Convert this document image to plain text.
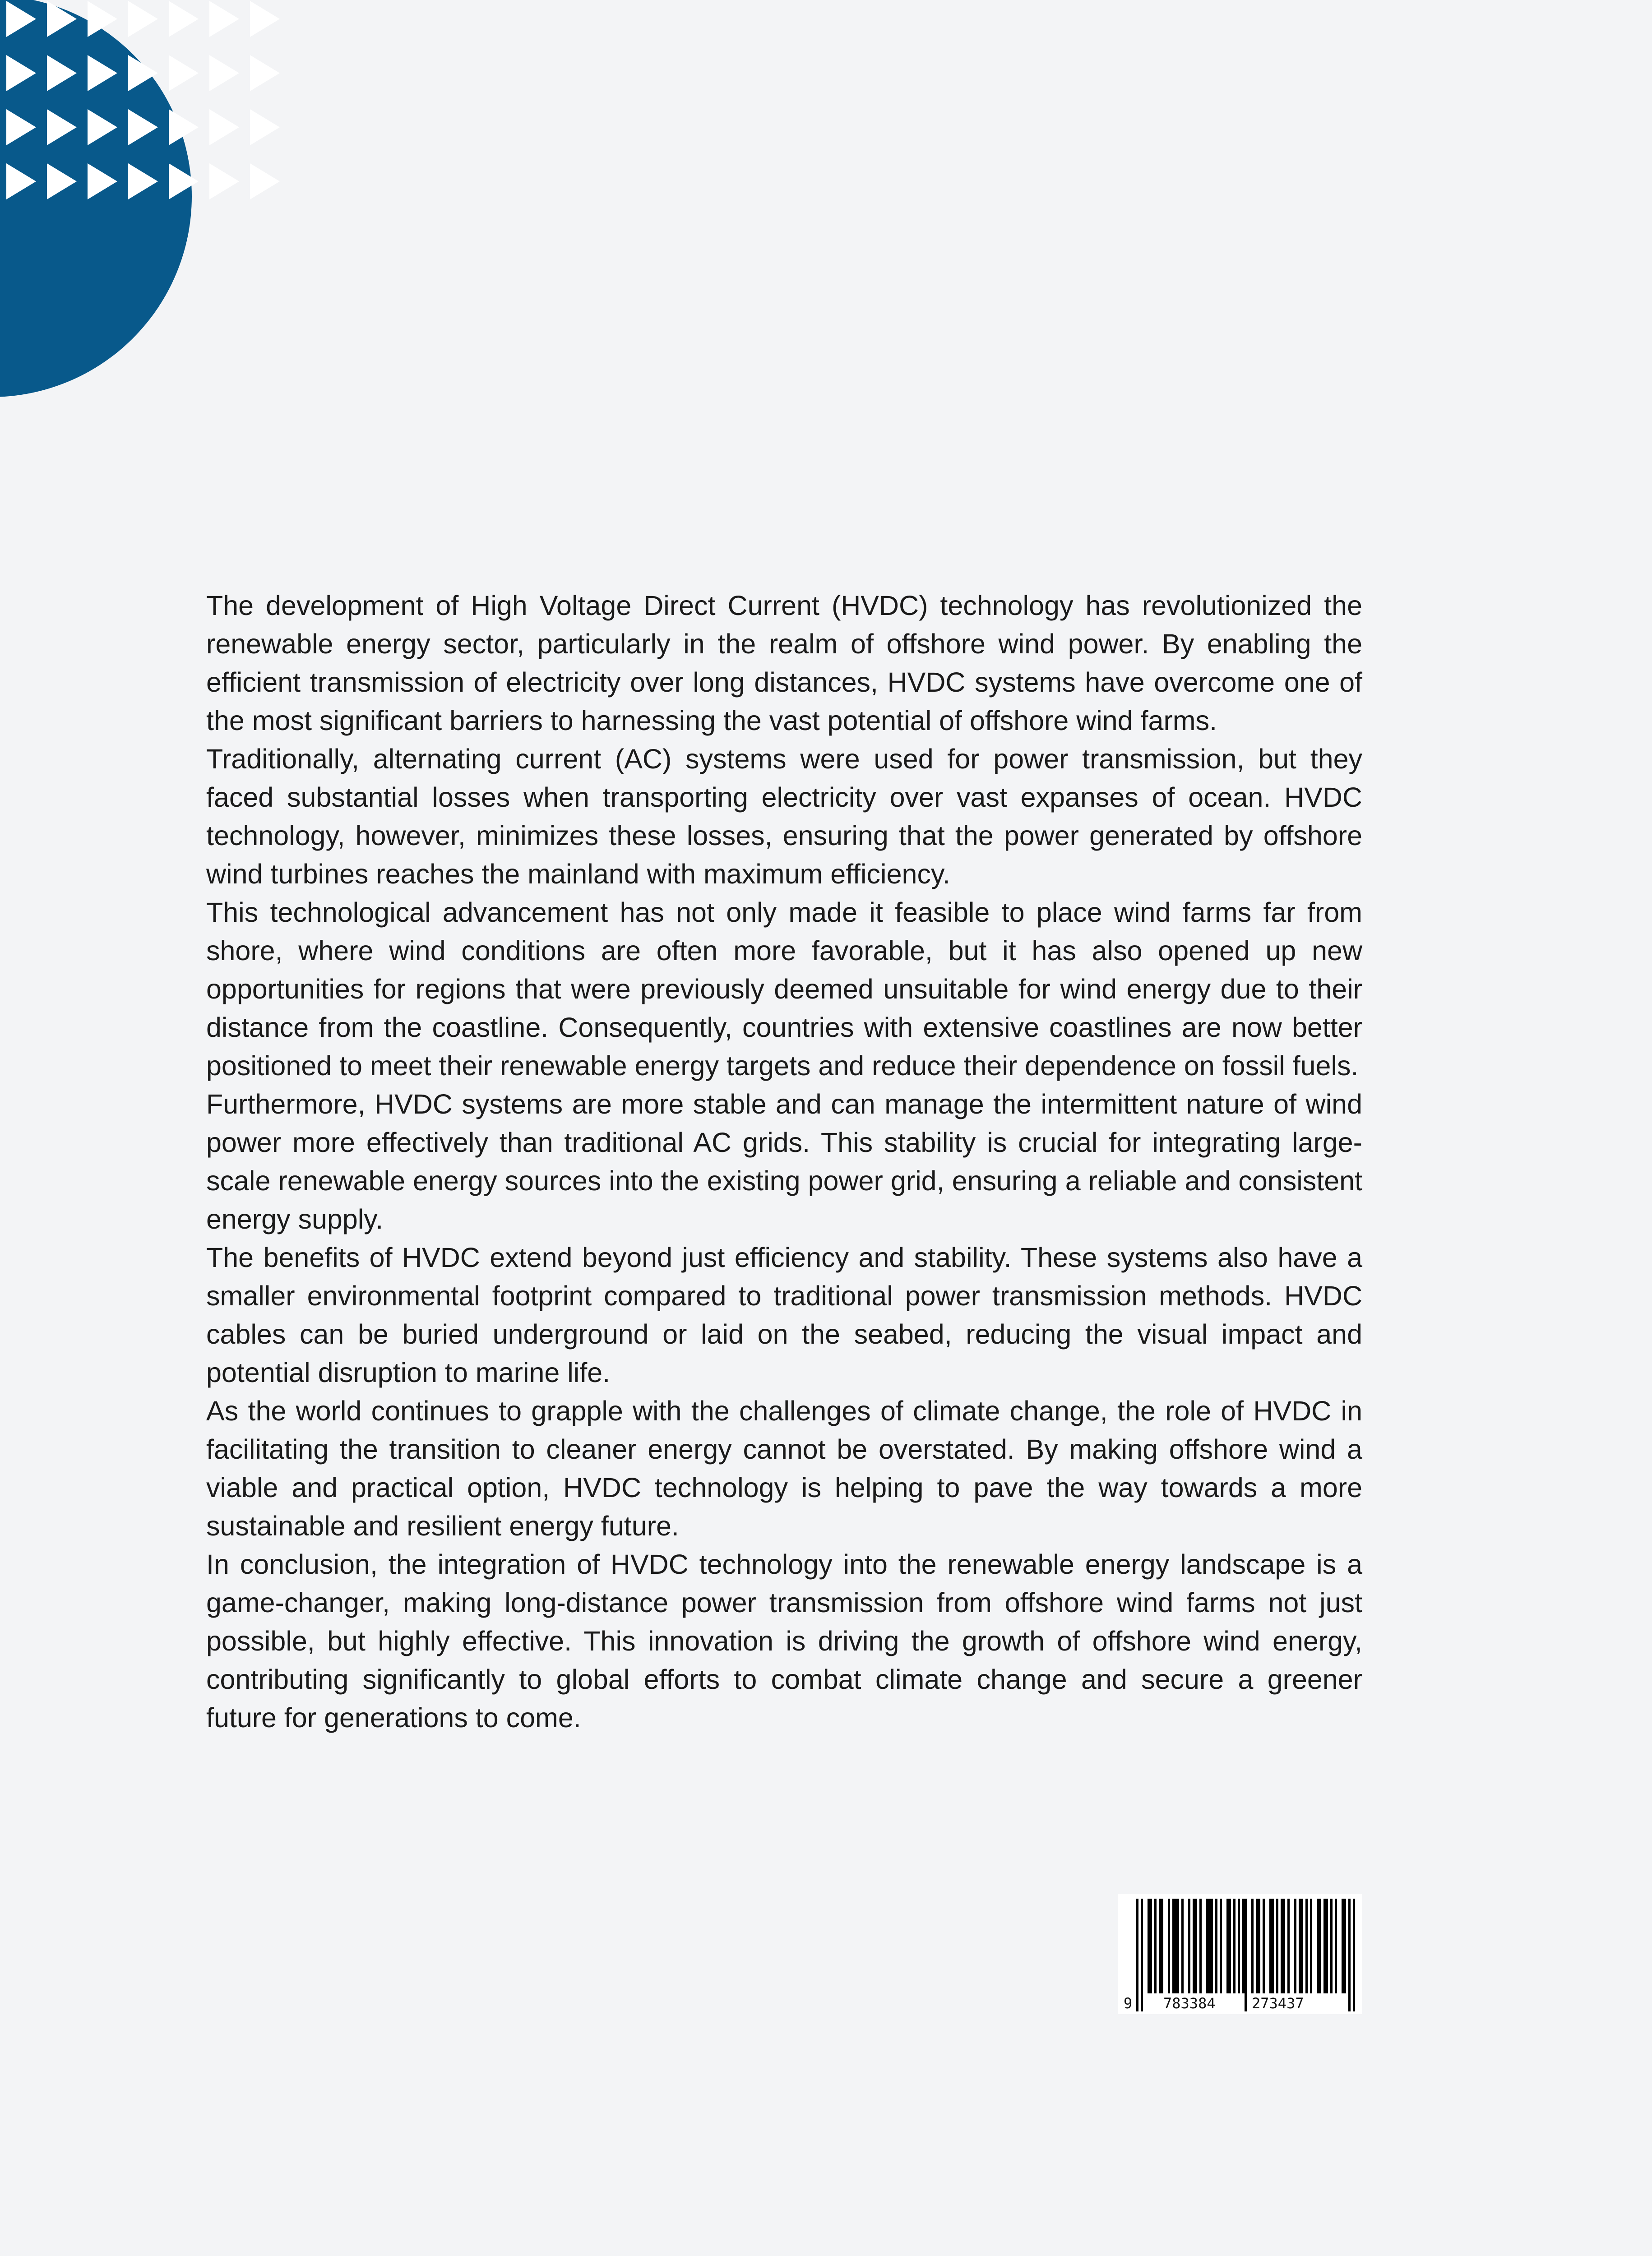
The development of High Voltage Direct Current (HVDC) technology has revolutionized the renewable energy sector, particularly in the realm of offshore wind power. By enabling the efficient transmission of electricity over long distances, HVDC systems have overcome one of the most significant barriers to harnessing the vast potential of offshore wind farms.

Traditionally, alternating current (AC) systems were used for power transmission, but they faced substantial losses when transporting electricity over vast expanses of ocean. HVDC technology, however, minimizes these losses, ensuring that the power generated by offshore wind turbines reaches the mainland with maximum efficiency.

This technological advancement has not only made it feasible to place wind farms far from shore, where wind conditions are often more favorable, but it has also opened up new opportunities for regions that were previously deemed unsuitable for wind energy due to their distance from the coastline. Consequently, countries with extensive coastlines are now better positioned to meet their renewable energy targets and reduce their dependence on fossil fuels.

Furthermore, HVDC systems are more stable and can manage the intermittent nature of wind power more effectively than traditional AC grids. This stability is crucial for integrating large-scale renewable energy sources into the existing power grid, ensuring a reliable and consistent energy supply.

The benefits of HVDC extend beyond just efficiency and stability. These systems also have a smaller environmental footprint compared to traditional power transmission methods. HVDC cables can be buried underground or laid on the seabed, reducing the visual impact and potential disruption to marine life.

As the world continues to grapple with the challenges of climate change, the role of HVDC in facilitating the transition to cleaner energy cannot be overstated. By making offshore wind a viable and practical option, HVDC technology is helping to pave the way towards a more sustainable and resilient energy future.

In conclusion, the integration of HVDC technology into the renewable energy landscape is a game-changer, making long-distance power transmission from offshore wind farms not just possible, but highly effective. This innovation is driving the growth of offshore wind energy, contributing significantly to global efforts to combat climate change and secure a greener future for generations to come.

9 783384	273437
